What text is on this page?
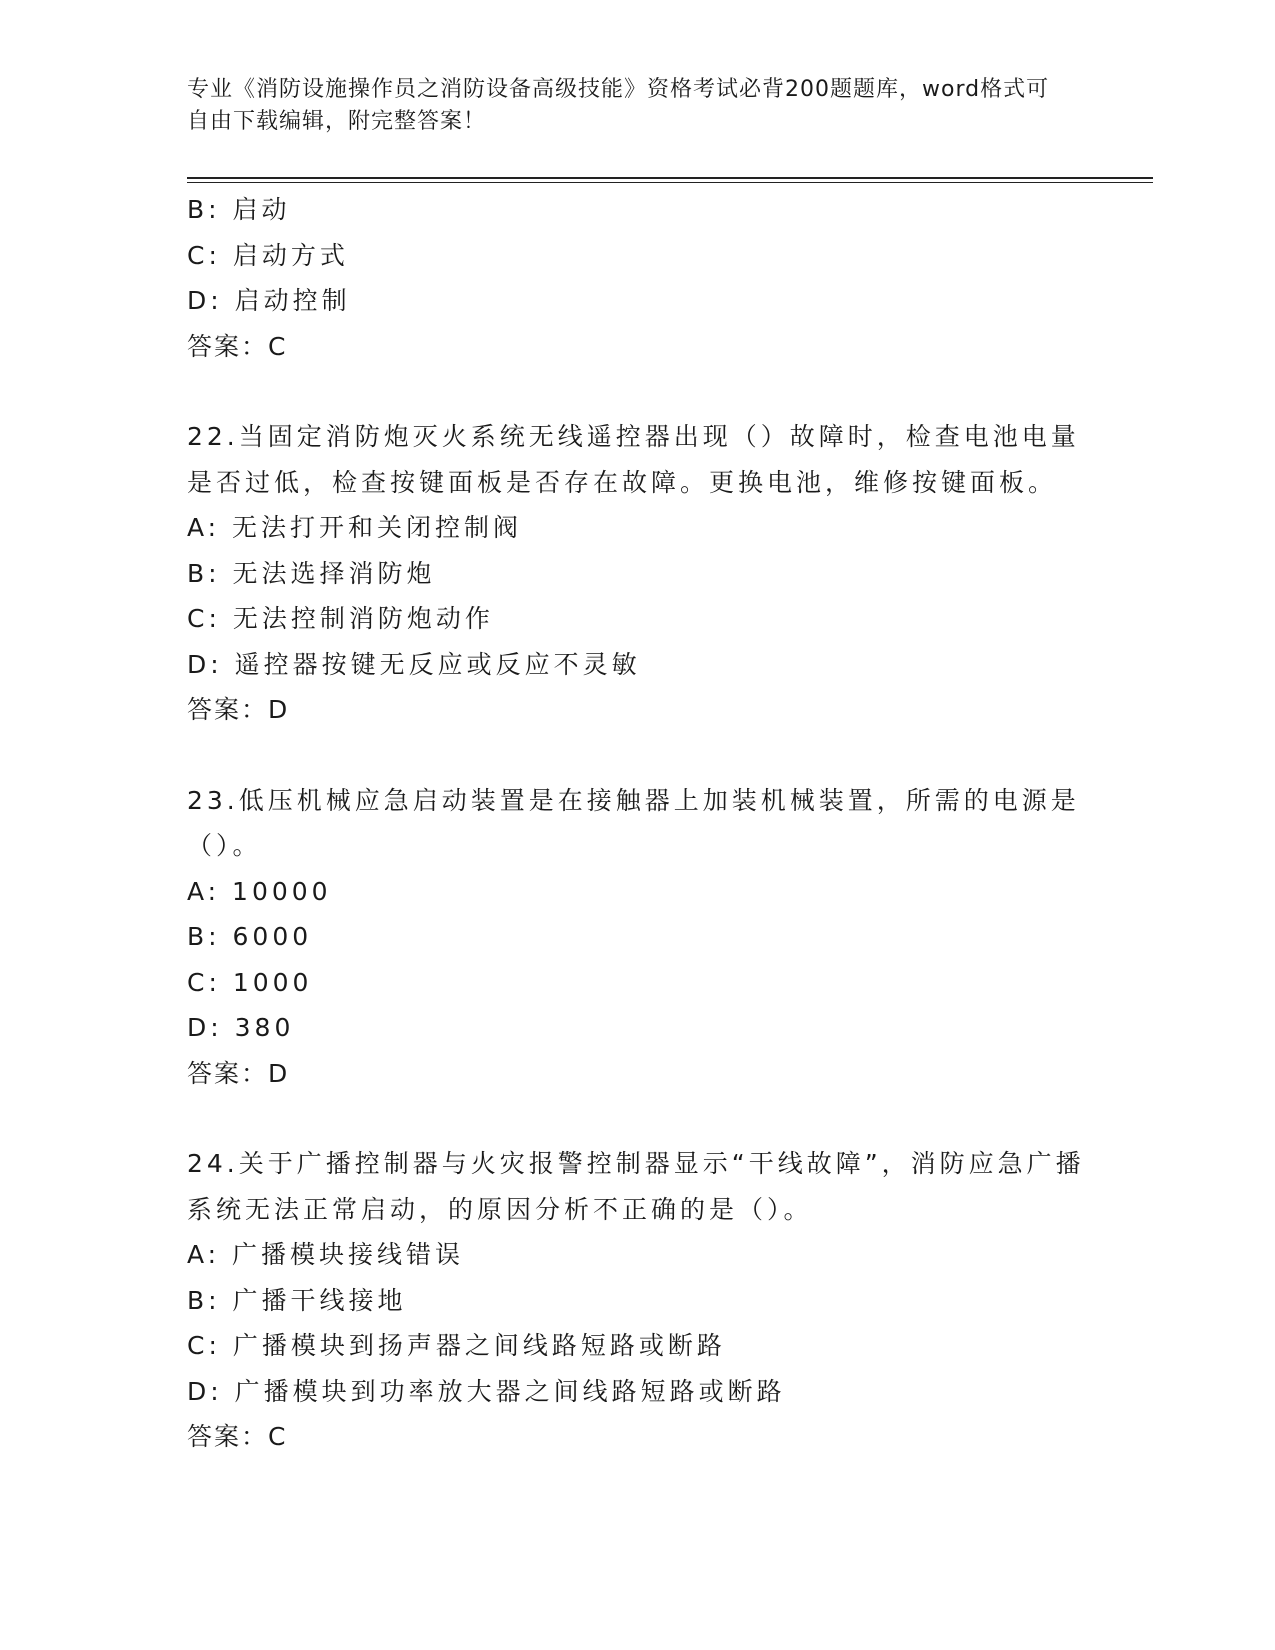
专业《消防设施操作员之消防设备高级技能》资格考试必背200题题库，word格式可自由下载编辑，附完整答案！
B: 启动
C: 启动方式
D: 启动控制
答案：C
22.当固定消防炮灭火系统无线遥控器出现（）故障时，检查电池电量是否过低，检查按键面板是否存在故障。更换电池，维修按键面板。
A: 无法打开和关闭控制阀
B: 无法选择消防炮
C: 无法控制消防炮动作
D: 遥控器按键无反应或反应不灵敏
答案：D
23.低压机械应急启动装置是在接触器上加装机械装置，所需的电源是（）。
A: 10000
B: 6000
C: 1000
D: 380
答案：D
24.关于广播控制器与火灾报警控制器显示“干线故障”，消防应急广播系统无法正常启动，的原因分析不正确的是（）。
A: 广播模块接线错误
B: 广播干线接地
C: 广播模块到扬声器之间线路短路或断路
D: 广播模块到功率放大器之间线路短路或断路
答案：C
